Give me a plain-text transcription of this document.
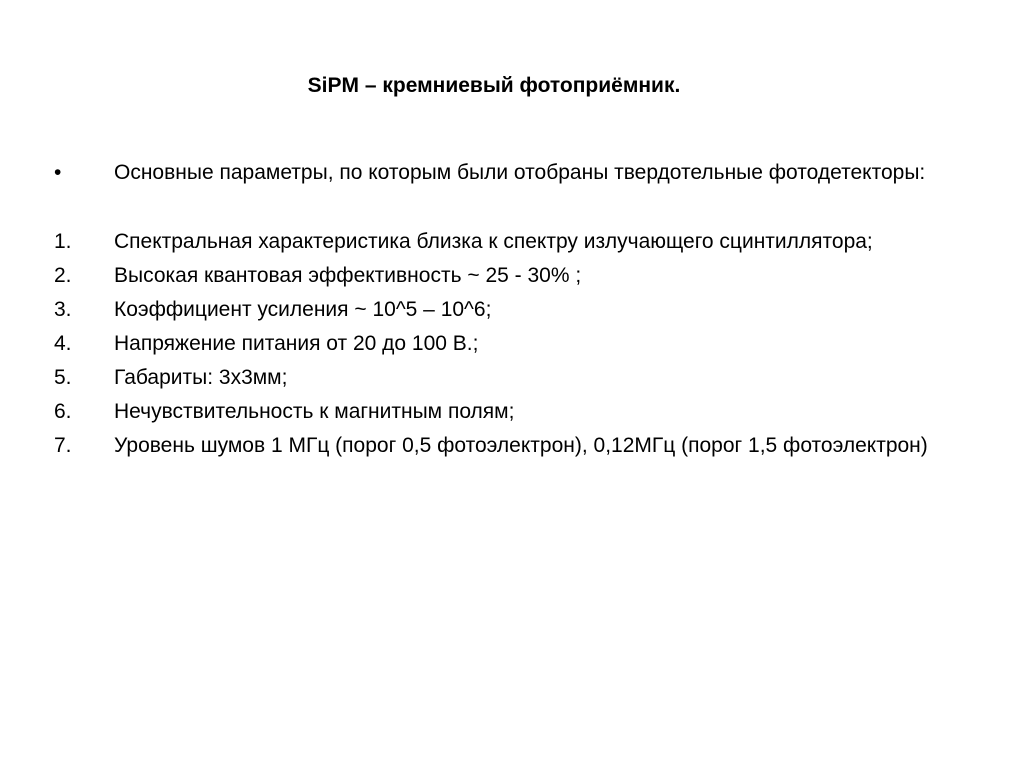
SiPM – кремниевый фотоприёмник.
•	Основные параметры, по которым были отобраны твердотельные фотодетекторы:
1.	Спектральная характеристика близка к спектру излучающего сцинтиллятора;
2.	Высокая квантовая эффективность ~ 25 - 30% ;
3.	Коэффициент усиления ~ 10^5 – 10^6;
4.	Напряжение питания от 20 до 100 В.;
5.	Габариты: 3х3мм;
6.	Нечувствительность к магнитным полям;
7.	Уровень шумов 1 МГц (порог 0,5 фотоэлектрон), 0,12МГц (порог 1,5 фотоэлектрон)
